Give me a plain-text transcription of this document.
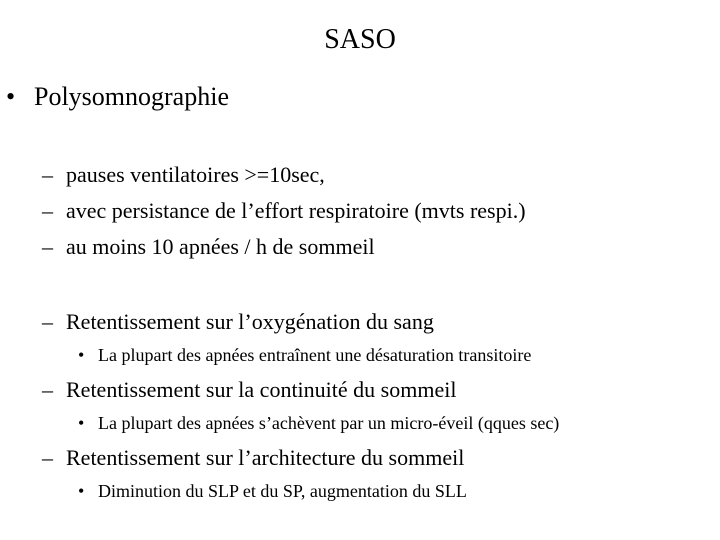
SASO
• Polysomnographie
– pauses ventilatoires >=10sec,
– avec persistance de l’effort respiratoire (mvts respi.)
– au moins 10 apnées / h de sommeil
– Retentissement sur l’oxygénation du sang
• La plupart des apnées entraînent une désaturation transitoire
– Retentissement sur la continuité du sommeil
• La plupart des apnées s’achèvent par un micro-éveil (qques sec)
– Retentissement sur l’architecture du sommeil
• Diminution du SLP et du SP, augmentation du SLL
